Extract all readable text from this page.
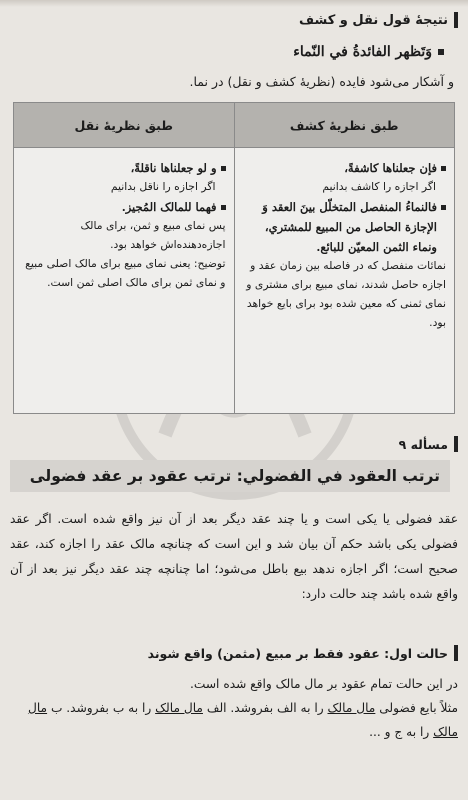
نتیجهٔ قول نقل و کشف
وَتَظهر الفائدةُ في النّماء
و آشکار می‌شود فایده (نظریهٔ کشف و نقل) در نما.
طبق نظریهٔ کشف
فإن جعلناها کاشفةً،
اگر اجازه را کاشف بدانیم
فالنماءُ المنفصل المتخلّل بینَ العقد وَ الإجازة الحاصل من المبیع للمشتري، ونماء الثمن المعیّن للبائع.
نمائات منفصل که در فاصله بین زمان عقد و اجازه حاصل شدند، نمای مبیع برای مشتری و نمای ثمنی که معین شده بود برای بایع خواهد بود.
طبق نظریهٔ نقل
و لو جعلناها ناقلةً،
اگر اجازه را ناقل بدانیم
فهما للمالک المُجیز.
پس نمای مبیع و ثمن، برای مالک اجازه‌دهنده‌اش خواهد بود.
توضیح: یعنی نمای مبیع برای مالک اصلی مبیع و نمای ثمن برای مالک اصلی ثمن است.
مسأله ۹
ترتب العقود في الفضولي: ترتب عقود بر عقد فضولی
عقد فضولی یا یکی است و یا چند عقد دیگر بعد از آن نیز واقع شده است. اگر عقد فضولی یکی باشد حکم آن بیان شد و این است که چنانچه مالک عقد را اجازه کند، عقد صحیح است؛ اگر اجازه ندهد بیع باطل می‌شود؛ اما چنانچه چند عقد دیگر نیز بعد از آن واقع شده باشد چند حالت دارد:
حالت اول: عقود فقط بر مبیع (مثمن) واقع شوند
در این حالت تمام عقود بر مال مالک واقع شده است.
مثلاً بایع فضولی مال مالک را به الف بفروشد. الف مال مالک را به ب بفروشد. ب مال
مالک را به ج و ...
